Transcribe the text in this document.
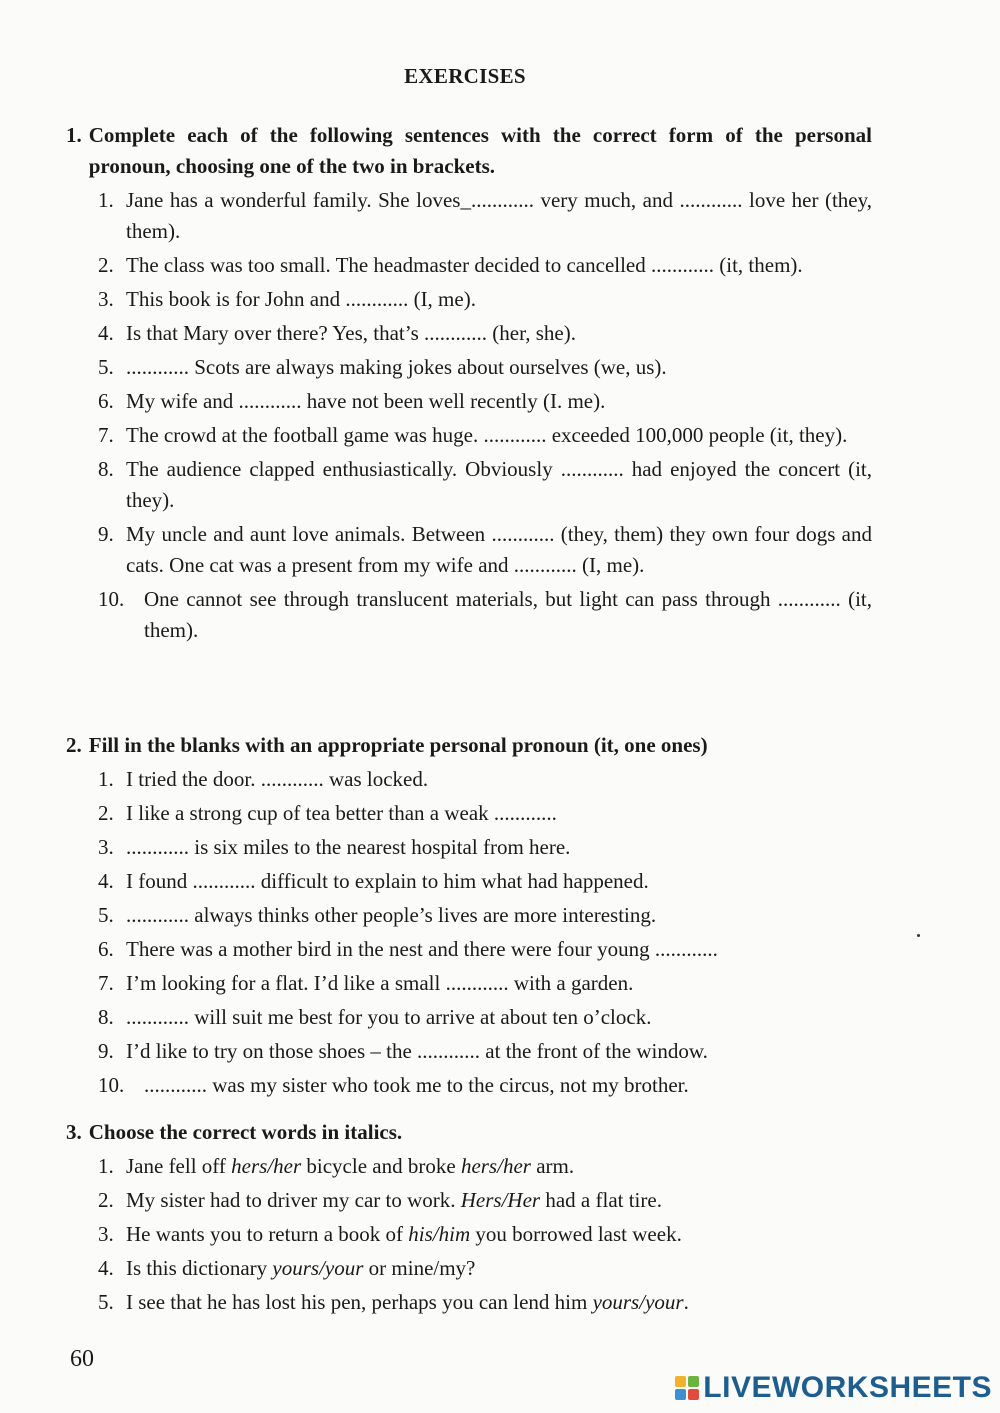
EXERCISES
1. Complete each of the following sentences with the correct form of the personal pronoun, choosing one of the two in brackets.
1. Jane has a wonderful family. She loves_............ very much, and ............ love her (they, them).
2. The class was too small. The headmaster decided to cancelled ............ (it, them).
3. This book is for John and ............ (I, me).
4. Is that Mary over there? Yes, that’s ............ (her, she).
5. ............ Scots are always making jokes about ourselves (we, us).
6. My wife and ............ have not been well recently (I. me).
7. The crowd at the football game was huge. ............ exceeded 100,000 people (it, they).
8. The audience clapped enthusiastically. Obviously ............ had enjoyed the concert (it, they).
9. My uncle and aunt love animals. Between ............ (they, them) they own four dogs and cats. One cat was a present from my wife and ............ (I, me).
10. One cannot see through translucent materials, but light can pass through ............ (it, them).
2. Fill in the blanks with an appropriate personal pronoun (it, one ones)
1. I tried the door. ............ was locked.
2. I like a strong cup of tea better than a weak ............
3. ............ is six miles to the nearest hospital from here.
4. I found ............ difficult to explain to him what had happened.
5. ............ always thinks other people’s lives are more interesting.
6. There was a mother bird in the nest and there were four young ............
7. I’m looking for a flat. I’d like a small ............ with a garden.
8. ............ will suit me best for you to arrive at about ten o’clock.
9. I’d like to try on those shoes – the ............ at the front of the window.
10. ............ was my sister who took me to the circus, not my brother.
3. Choose the correct words in italics.
1. Jane fell off hers/her bicycle and broke hers/her arm.
2. My sister had to driver my car to work. Hers/Her had a flat tire.
3. He wants you to return a book of his/him you borrowed last week.
4. Is this dictionary yours/your or mine/my?
5. I see that he has lost his pen, perhaps you can lend him yours/your.
60
LIVEWORKSHEETS
